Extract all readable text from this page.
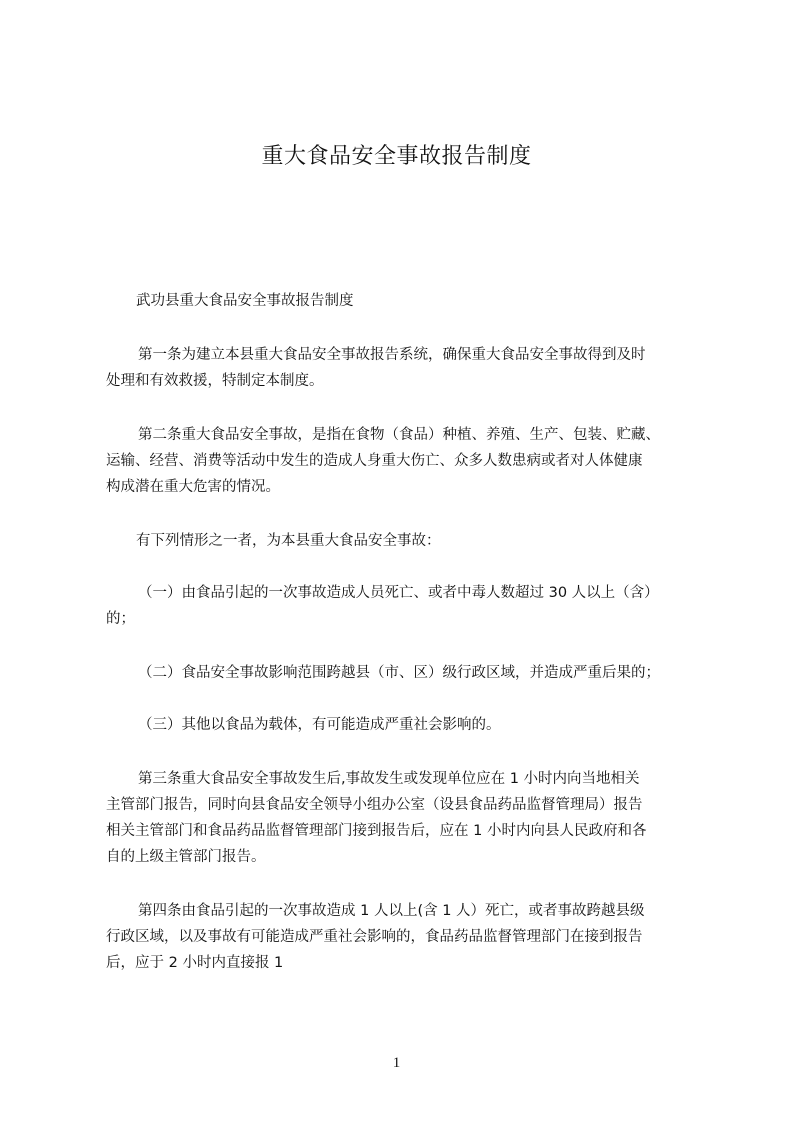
重大食品安全事故报告制度

武功县重大食品安全事故报告制度

第一条为建立本县重大食品安全事故报告系统，确保重大食品安全事故得到及时
处理和有效救援，特制定本制度。

第二条重大食品安全事故，是指在食物（食品）种植、养殖、生产、包装、贮藏、
运输、经营、消费等活动中发生的造成人身重大伤亡、众多人数患病或者对人体健康
构成潜在重大危害的情况。

有下列情形之一者，为本县重大食品安全事故：

（一）由食品引起的一次事故造成人员死亡、或者中毒人数超过 30 人以上（含）
的；

（二）食品安全事故影响范围跨越县（市、区）级行政区域，并造成严重后果的；

（三）其他以食品为载体，有可能造成严重社会影响的。

第三条重大食品安全事故发生后,事故发生或发现单位应在 1 小时内向当地相关
主管部门报告，同时向县食品安全领导小组办公室（设县食品药品监督管理局）报告
相关主管部门和食品药品监督管理部门接到报告后，应在 1 小时内向县人民政府和各
自的上级主管部门报告。

第四条由食品引起的一次事故造成 1 人以上(含 1 人）死亡，或者事故跨越县级
行政区域，以及事故有可能造成严重社会影响的，食品药品监督管理部门在接到报告
后，应于 2 小时内直接报 1

1
